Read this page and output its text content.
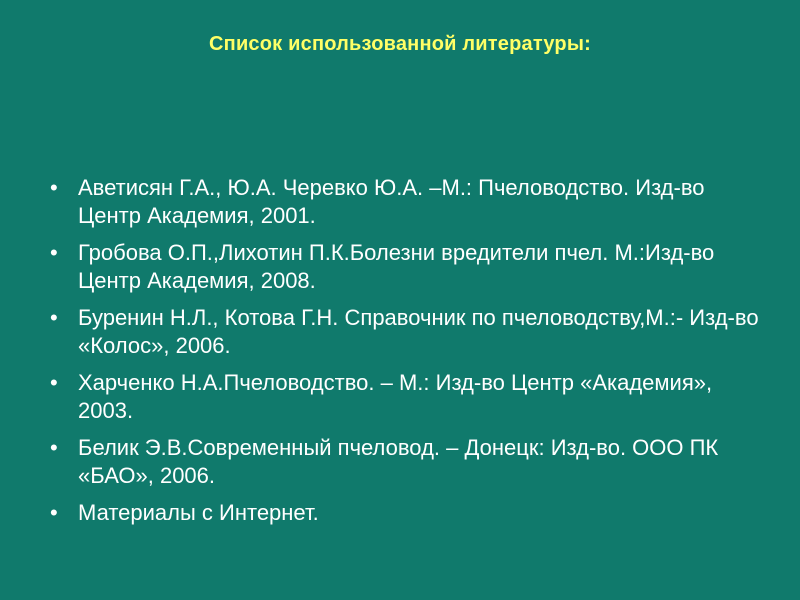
Список использованной литературы:
• Аветисян Г.А., Ю.А. Черевко Ю.А. –М.: Пчеловодство. Изд-во Центр Академия, 2001.
• Гробова О.П.,Лихотин П.К.Болезни вредители пчел. М.:Изд-во Центр Академия, 2008.
• Буренин Н.Л., Котова Г.Н. Справочник по пчеловодству,М.:- Изд-во «Колос», 2006.
• Харченко Н.А.Пчеловодство. – М.: Изд-во Центр «Академия», 2003.
• Белик Э.В.Современный пчеловод. – Донецк: Изд-во. ООО ПК «БАО», 2006.
• Материалы с Интернет.
